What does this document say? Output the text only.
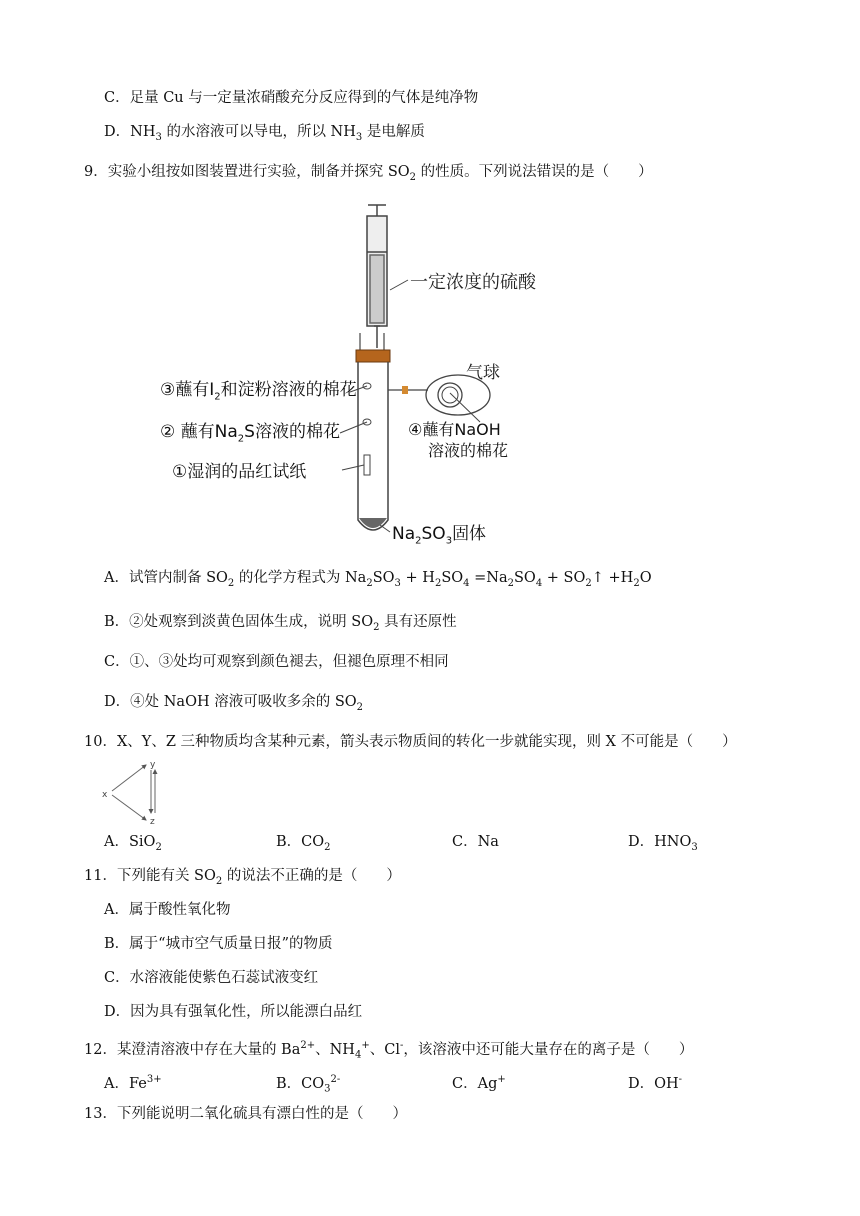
C．足量 Cu 与一定量浓硝酸充分反应得到的气体是纯净物
D．$NH_3$ 的水溶液可以导电，所以 $NH_3$ 是电解质
9．实验小组按如图装置进行实验，制备并探究 $SO_2$ 的性质。下列说法错误的是（　　）
一定浓度的硫酸
气球
③蘸有$I_2$和淀粉溶液的棉花
② 蘸有$Na_2S$溶液的棉花
①湿润的品红试纸
④蘸有NaOH
溶液的棉花
$Na_2SO_3$固体
A．试管内制备 $SO_2$ 的化学方程式为 $Na_2SO_3 + H_2SO_4 =Na_2SO_4$ + $SO_2↑ +H_2O$
B．②处观察到淡黄色固体生成，说明 $SO_2$ 具有还原性
C．①、③处均可观察到颜色褪去，但褪色原理不相同
D．④处 NaOH 溶液可吸收多余的 $SO_2$
10．X、Y、Z 三种物质均含某种元素，箭头表示物质间的转化一步就能实现，则 X 不可能是（　　）
x
y
z
A．SiO$_2$	B．$CO_2$	C．Na	D．$HNO_3$
11．下列能有关 $SO_2$ 的说法不正确的是（　　）
A．属于酸性氧化物
B．属于“城市空气质量日报”的物质
C．水溶液能使紫色石蕊试液变红
D．因为具有强氧化性，所以能漂白品红
12．某澄清溶液中存在大量的 $Ba^{2+}$、$NH_4^+$、Cl-，该溶液中还可能大量存在的离子是（　　）
A．$Fe^{3+}$	B．$CO_3^{2-}$	C．Ag+	D．OH-
13．下列能说明二氧化硫具有漂白性的是（　　）
